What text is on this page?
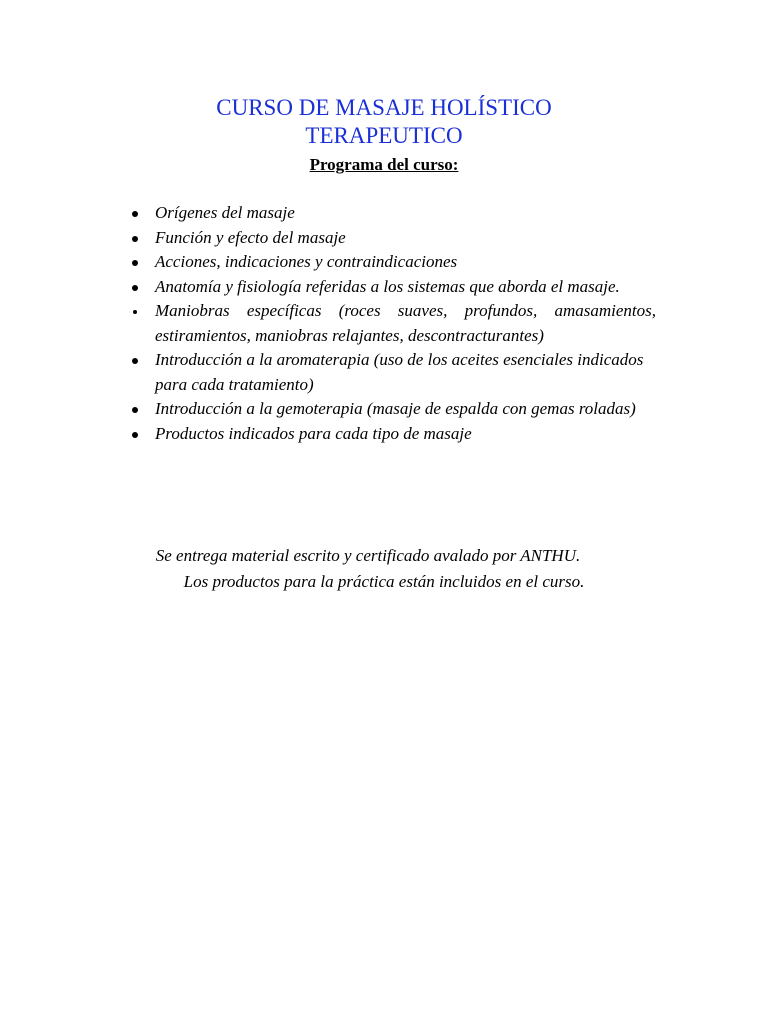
CURSO DE MASAJE HOLÍSTICO
TERAPEUTICO
Programa del curso:
Orígenes del masaje
Función y efecto del masaje
Acciones, indicaciones y contraindicaciones
Anatomía y fisiología referidas a los sistemas que aborda el masaje.
Maniobras específicas (roces suaves, profundos, amasamientos, estiramientos, maniobras relajantes, descontracturantes)
Introducción a la aromaterapia (uso de los aceites esenciales indicados para cada tratamiento)
Introducción a la gemoterapia (masaje de espalda con gemas roladas)
Productos indicados para cada tipo de masaje

Se entrega material escrito y certificado avalado por ANTHU.

Los productos para la práctica están incluidos en el curso.
